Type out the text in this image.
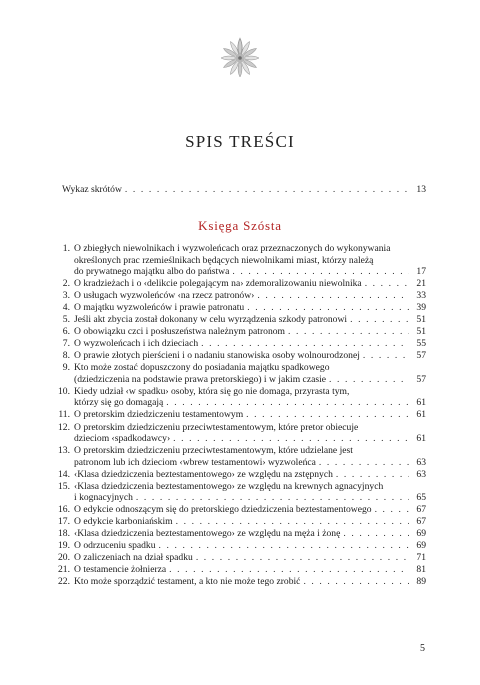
SPIS TREŚCI
Wykaz skrótów . . .	13
Księga Szósta
1. O zbiegłych niewolnikach i wyzwoleńcach oraz przeznaczonych do wykonywania
określonych prac rzemieślnikach będących niewolnikami miast, którzy należą
do prywatnego majątku albo do państwa . . .	17
2. O kradzieżach i o ‹delikcie polegającym na› zdemoralizowaniu niewolnika . . .	21
3. O usługach wyzwoleńców ‹na rzecz patronów› . . .	33
4. O majątku wyzwoleńców i prawie patronatu . . .	39
5. Jeśli akt zbycia został dokonany w celu wyrządzenia szkody patronowi . . .	51
6. O obowiązku czci i posłuszeństwa należnym patronom . . .	51
7. O wyzwoleńcach i ich dzieciach . . .	55
8. O prawie złotych pierścieni i o nadaniu stanowiska osoby wolnourodzonej . . .	57
9. Kto może zostać dopuszczony do posiadania majątku spadkowego
(dziedziczenia na podstawie prawa pretorskiego) i w jakim czasie . . .	57
10. Kiedy udział ‹w spadku› osoby, która się go nie domaga, przyrasta tym,
którzy się go domagają . . .	61
11. O pretorskim dziedziczeniu testamentowym . . .	61
12. O pretorskim dziedziczeniu przeciwtestamentowym, które pretor obiecuje
dzieciom ‹spadkodawcy› . . .	61
13. O pretorskim dziedziczeniu przeciwtestamentowym, które udzielane jest
patronom lub ich dzieciom ‹wbrew testamentowi› wyzwoleńca . . .	63
14. ‹Klasa dziedziczenia beztestamentowego› ze względu na zstępnych . . .	63
15. ‹Klasa dziedziczenia beztestamentowego› ze względu na krewnych agnacyjnych
i kognacyjnych . . .	65
16. O edykcie odnoszącym się do pretorskiego dziedziczenia beztestamentowego . . .	67
17. O edykcie karboniańskim . . .	67
18. ‹Klasa dziedziczenia beztestamentowego› ze względu na męża i żonę . . .	69
19. O odrzuceniu spadku . . .	69
20. O zaliczeniach na dział spadku . . .	71
21. O testamencie żołnierza . . .	81
22. Kto może sporządzić testament, a kto nie może tego zrobić . . .	89
5
